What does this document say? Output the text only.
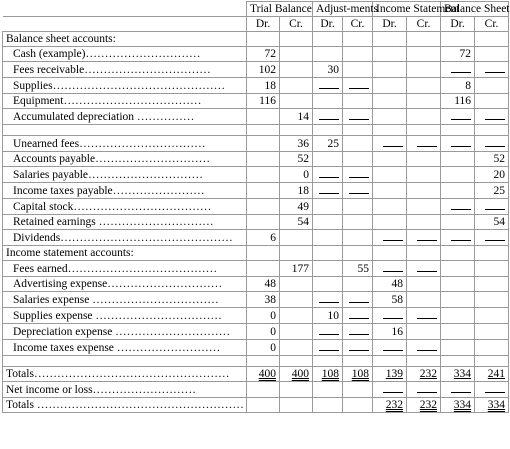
	Trial Balance		Adjust-ments		Income Statement		Balance Sheet	
	Dr.	Cr.	Dr.	Cr.	Dr.	Cr.	Dr.	Cr.
Balance sheet accounts:								
Cash (example)…………………………	72						72	
Fees receivable……………………………	102		30					
Supplies………………………………………	18						8	
Equipment………………………………	116						116	
Accumulated depreciation ……………		14						

Unearned fees……………………………		36	25					
Accounts payable…………………………		52						52
Salaries payable…………………………		0						20
Income taxes payable……………………		18						25
Capital stock………………………………		49						
Retained earnings …………………………		54						54
Dividends………………………………………	6							
Income statement accounts:								
Fees earned…………………………………		177		55				
Advertising expense…………………………	48				48			
Salaries expense ……………………………	38				58			
Supplies expense ……………………………	0		10					
Depreciation expense …………………………	0				16			
Income taxes expense ………………………	0							

Totals……………………………………………	400	400	108	108	139	232	334	241
Net income or loss………………………								
Totals ………………………………………………					232	232	334	334
